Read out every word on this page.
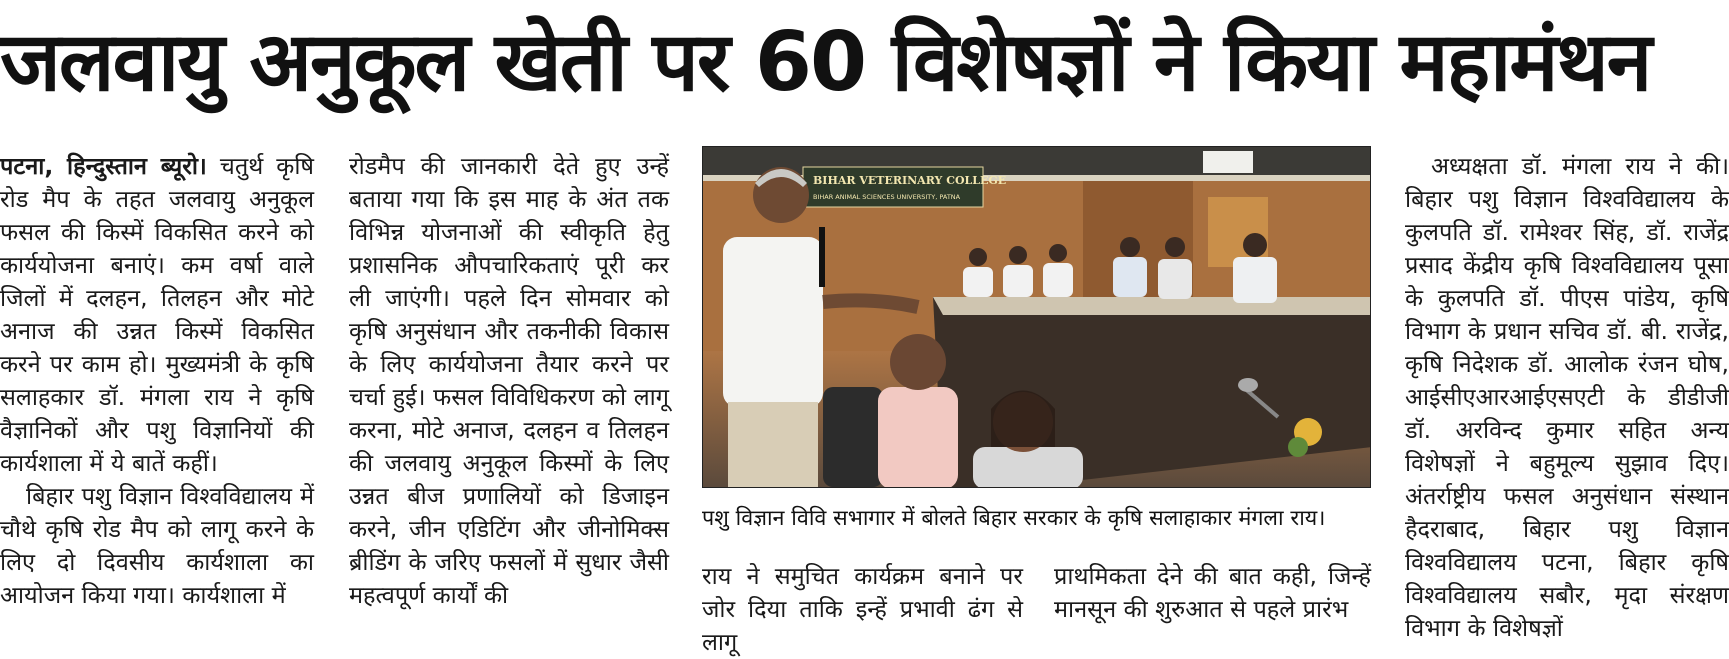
जलवायु अनुकूल खेती पर 60 विशेषज्ञों ने किया महामंथन

पटना, हिन्दुस्तान ब्यूरो। चतुर्थ कृषि रोड मैप के तहत जलवायु अनुकूल फसल की किस्में विकसित करने को कार्ययोजना बनाएं। कम वर्षा वाले जिलों में दलहन, तिलहन और मोटे अनाज की उन्नत किस्में विकसित करने पर काम हो। मुख्यमंत्री के कृषि सलाहकार डॉ. मंगला राय ने कृषि वैज्ञानिकों और पशु विज्ञानियों की कार्यशाला में ये बातें कहीं।

बिहार पशु विज्ञान विश्वविद्यालय में चौथे कृषि रोड मैप को लागू करने के लिए दो दिवसीय कार्यशाला का आयोजन किया गया। कार्यशाला में

रोडमैप की जानकारी देते हुए उन्हें बताया गया कि इस माह के अंत तक विभिन्न योजनाओं की स्वीकृति हेतु प्रशासनिक औपचारिकताएं पूरी कर ली जाएंगी। पहले दिन सोमवार को कृषि अनुसंधान और तकनीकी विकास के लिए कार्ययोजना तैयार करने पर चर्चा हुई। फसल विविधिकरण को लागू करना, मोटे अनाज, दलहन व तिलहन की जलवायु अनुकूल किस्मों के लिए उन्नत बीज प्रणालियों को डिजाइन करने, जीन एडिटिंग और जीनोमिक्स ब्रीडिंग के जरिए फसलों में सुधार जैसी महत्वपूर्ण कार्यों की

BIHAR VETERINARY COLLEGE
BIHAR ANIMAL SCIENCES UNIVERSITY, PATNA
पशु विज्ञान विवि सभागार में बोलते बिहार सरकार के कृषि सलाहाकार मंगला राय।

राय ने समुचित कार्यक्रम बनाने पर जोर दिया ताकि इन्हें प्रभावी ढंग से लागू

प्राथमिकता देने की बात कही, जिन्हें मानसून की शुरुआत से पहले प्रारंभ

अध्यक्षता डॉ. मंगला राय ने की। बिहार पशु विज्ञान विश्वविद्यालय के कुलपति डॉ. रामेश्वर सिंह, डॉ. राजेंद्र प्रसाद केंद्रीय कृषि विश्वविद्यालय पूसा के कुलपति डॉ. पीएस पांडेय, कृषि विभाग के प्रधान सचिव डॉ. बी. राजेंद्र, कृषि निदेशक डॉ. आलोक रंजन घोष, आईसीएआरआईएसएटी के डीडीजी डॉ. अरविन्द कुमार सहित अन्य विशेषज्ञों ने बहुमूल्य सुझाव दिए। अंतर्राष्ट्रीय फसल अनुसंधान संस्थान हैदराबाद, बिहार पशु विज्ञान विश्वविद्यालय पटना, बिहार कृषि विश्वविद्यालय सबौर, मृदा संरक्षण विभाग के विशेषज्ञों
